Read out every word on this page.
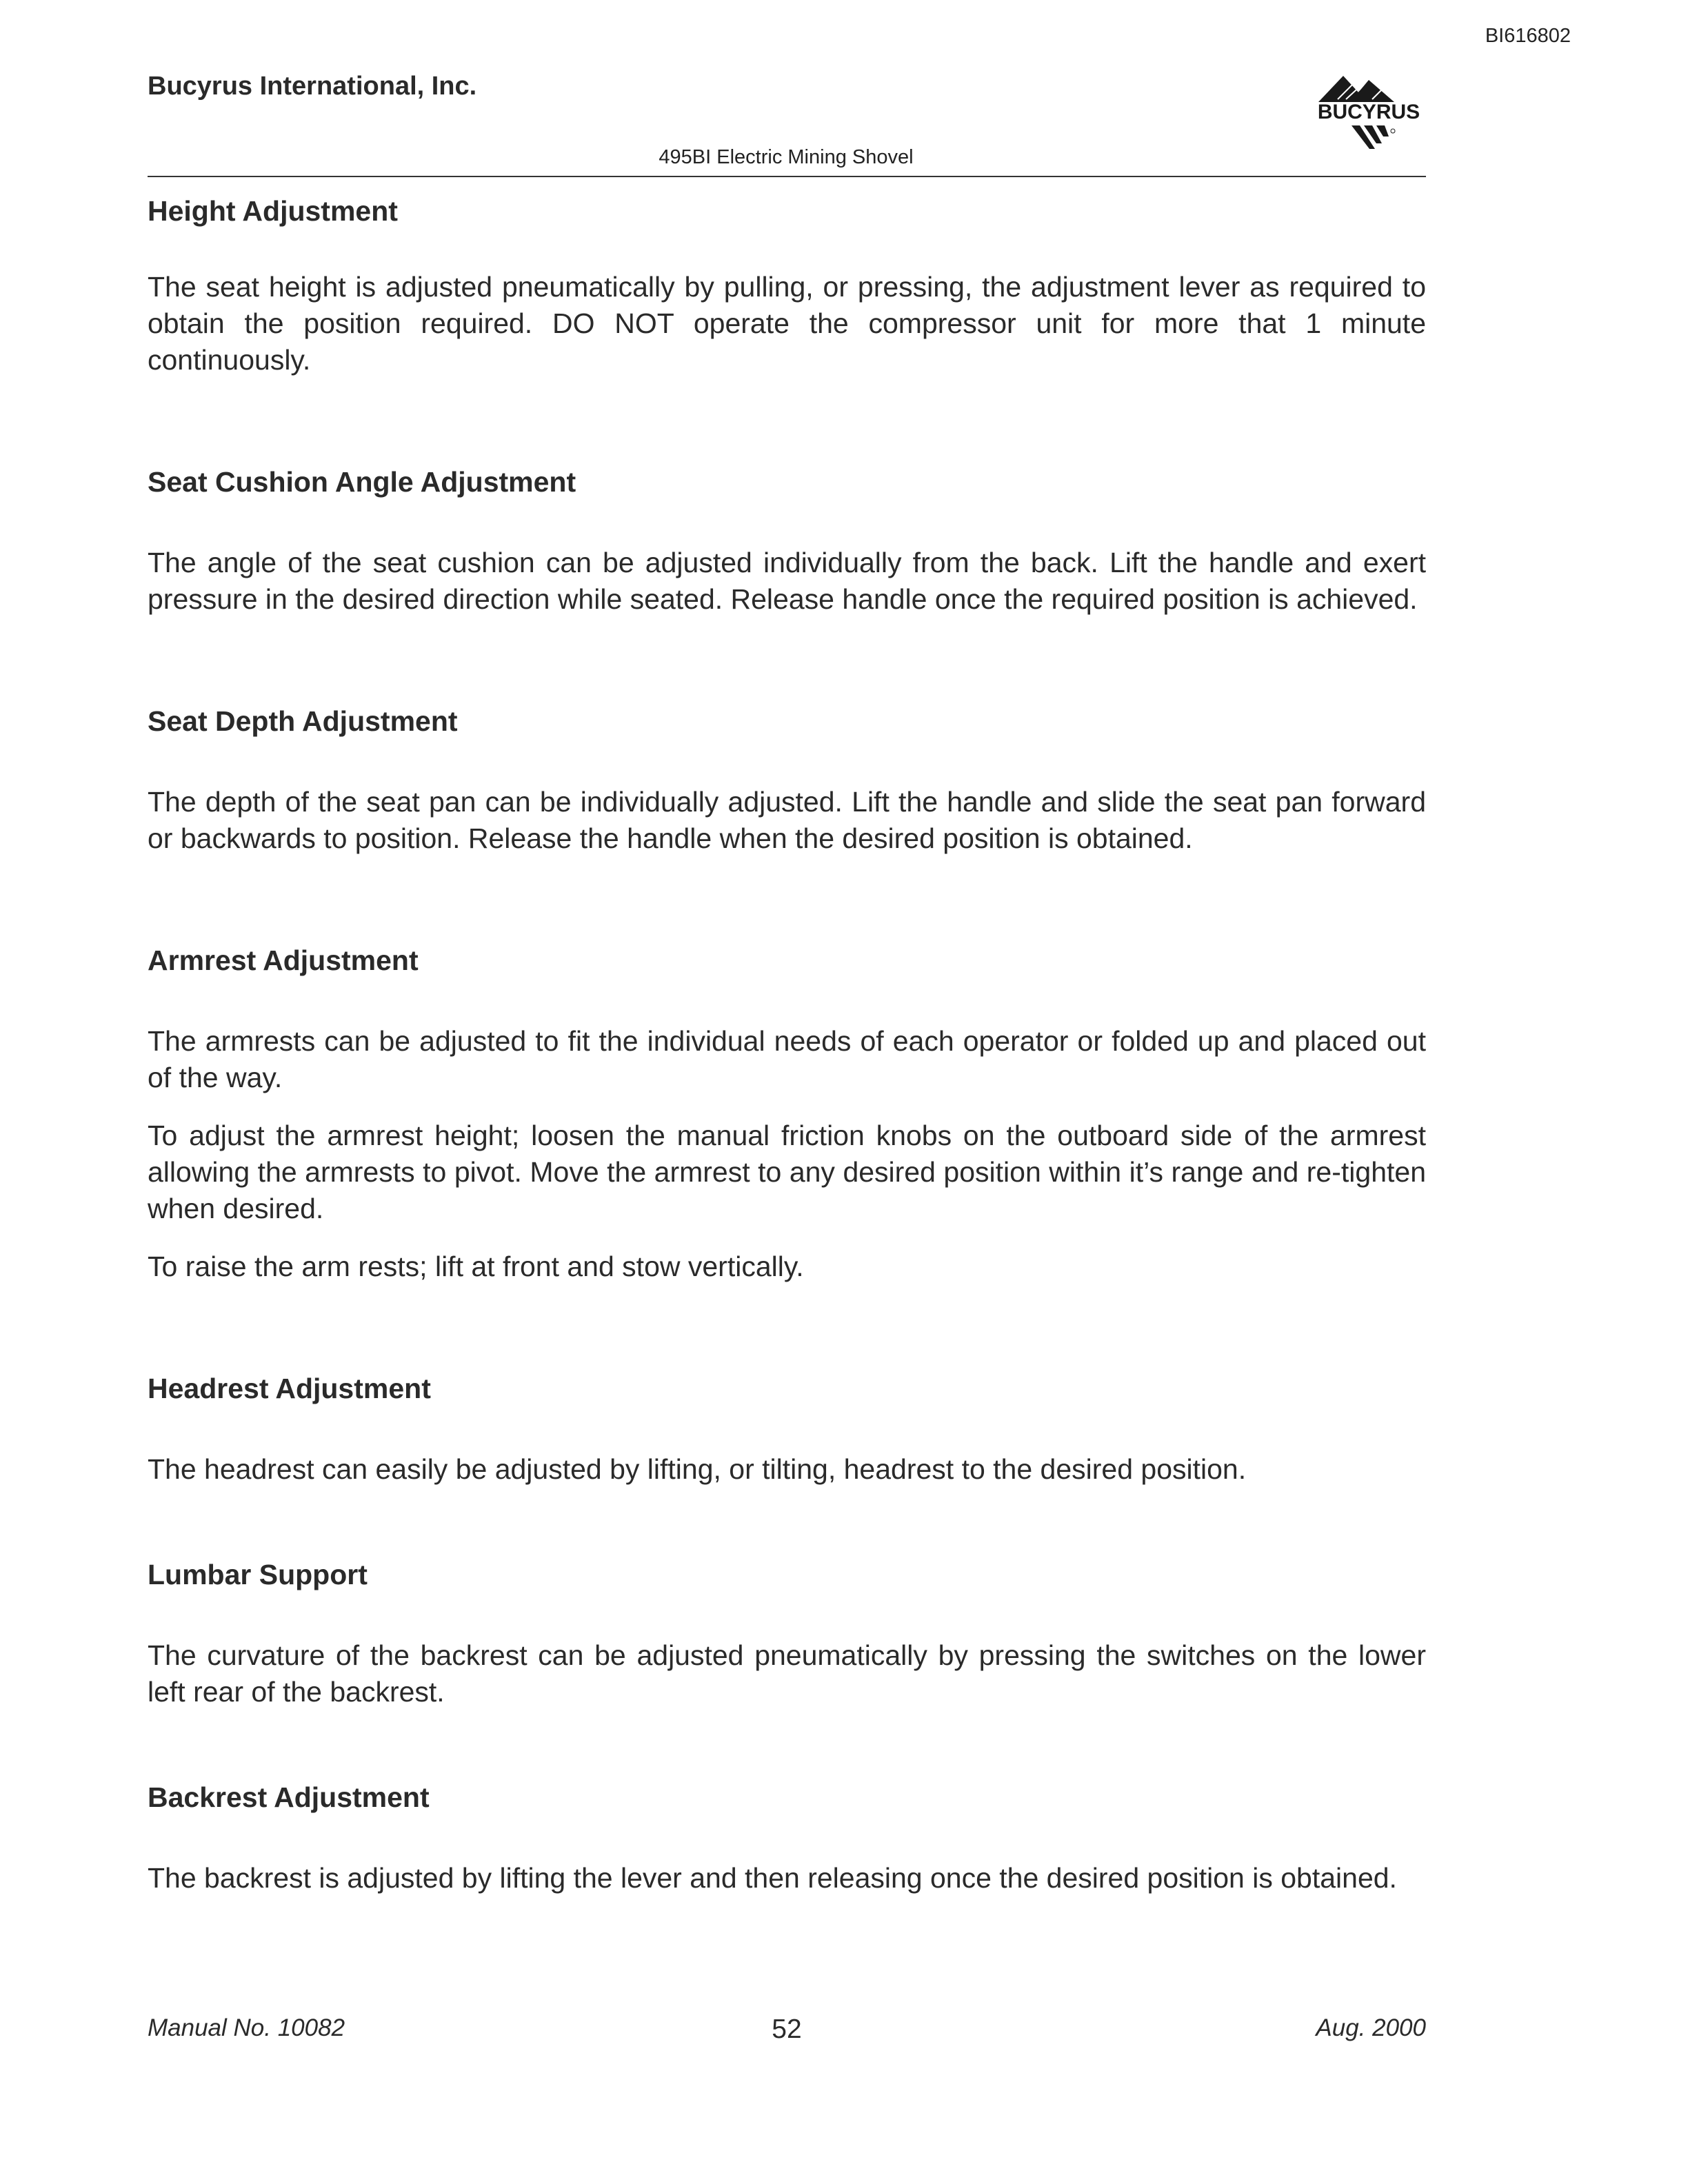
BI616802
Bucyrus International, Inc.
BUCYRUS
495BI Electric Mining Shovel
Height Adjustment

The seat height is adjusted pneumatically by pulling, or pressing, the adjustment lever as required to obtain the position required. DO NOT operate the compressor unit for more that 1 minute continuously.

Seat Cushion Angle Adjustment

The angle of the seat cushion can be adjusted individually from the back. Lift the handle and exert pressure in the desired direction while seated. Release handle once the required position is achieved.

Seat Depth Adjustment

The depth of the seat pan can be individually adjusted. Lift the handle and slide the seat pan forward or backwards to position. Release the handle when the desired position is obtained.

Armrest Adjustment

The armrests can be adjusted to fit the individual needs of each operator or folded up and placed out of the way.

To adjust the armrest height; loosen the manual friction knobs on the outboard side of the armrest allowing the armrests to pivot. Move the armrest to any desired position within it’s range and re-tighten when desired.

To raise the arm rests; lift at front and stow vertically.

Headrest Adjustment

The headrest can easily be adjusted by lifting, or tilting, headrest to the desired position.

Lumbar Support

The curvature of the backrest can be adjusted pneumatically by pressing the switches on the lower left rear of the backrest.

Backrest Adjustment

The backrest is adjusted by lifting the lever and then releasing once the desired position is obtained.

Manual No. 10082	52	Aug. 2000
